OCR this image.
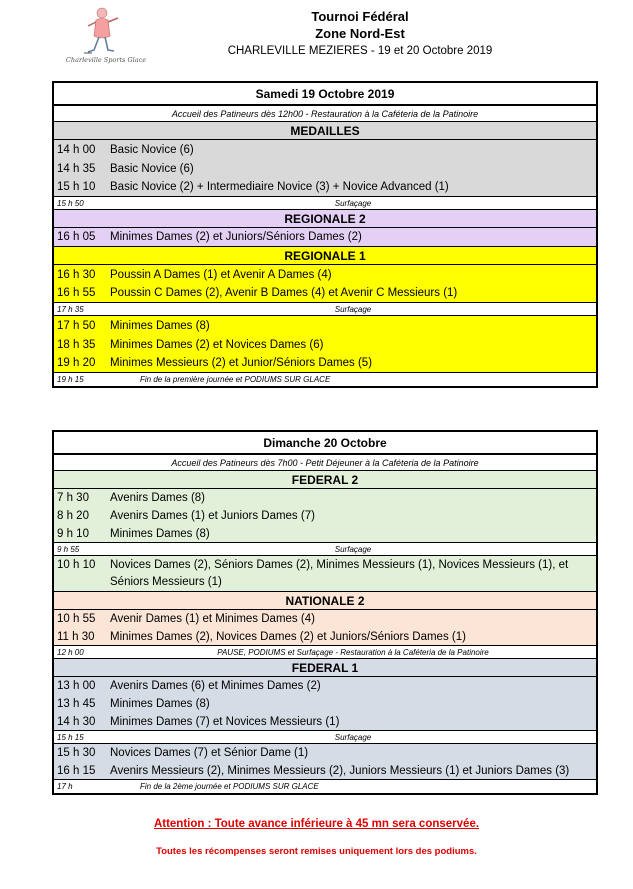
Charleville Sports Glace
Tournoi Fédéral
Zone Nord-Est
CHARLEVILLE MEZIERES - 19 et 20 Octobre 2019
Samedi 19 Octobre 2019
Accueil des Patineurs dès 12h00 - Restauration à la Caféteria de la Patinoire
MEDAILLES
14 h 00	Basic Novice (6)
14 h 35	Basic Novice (6)
15 h 10	Basic Novice (2) + Intermediaire Novice (3) + Novice Advanced (1)
15 h 50	Surfaçage
REGIONALE 2
16 h 05	Minimes Dames (2) et Juniors/Séniors Dames (2)
REGIONALE 1
16 h 30	Poussin A Dames (1) et Avenir A Dames (4)
16 h 55	Poussin C Dames (2), Avenir B Dames (4) et Avenir C Messieurs (1)
17 h 35	Surfaçage
17 h 50	Minimes Dames (8)
18 h 35	Minimes Dames (2) et Novices Dames (6)
19 h 20	Minimes Messieurs (2) et Junior/Séniors Dames (5)
19 h 15	Fin de la première journée et PODIUMS SUR GLACE
Dimanche 20 Octobre
Accueil des Patineurs dès 7h00 - Petit Déjeuner à la Caféteria de la Patinoire
FEDERAL 2
7 h 30	Avenirs Dames (8)
8 h 20	Avenirs Dames (1) et Juniors Dames (7)
9 h 10	Minimes Dames (8)
9 h 55	Surfaçage
10 h 10	Novices Dames (2), Séniors Dames (2), Minimes Messieurs (1), Novices Messieurs (1), et Séniors Messieurs (1)
NATIONALE 2
10 h 55	Avenir Dames (1) et Minimes Dames (4)
11 h 30	Minimes Dames (2), Novices Dames (2) et Juniors/Séniors Dames (1)
12 h 00	PAUSE, PODIUMS et Surfaçage - Restauration à la Caféteria de la Patinoire
FEDERAL 1
13 h 00	Avenirs Dames (6) et Minimes Dames (2)
13 h 45	Minimes Dames (8)
14 h 30	Minimes Dames (7) et Novices Messieurs (1)
15 h 15	Surfaçage
15 h 30	Novices Dames (7) et Sénior Dame (1)
16 h 15	Avenirs Messieurs (2), Minimes Messieurs (2), Juniors Messieurs (1) et Juniors Dames (3)
17 h	Fin de la 2ème journée et PODIUMS SUR GLACE
Attention : Toute avance inférieure à 45 mn sera conservée.
Toutes les récompenses seront remises uniquement lors des podiums.
